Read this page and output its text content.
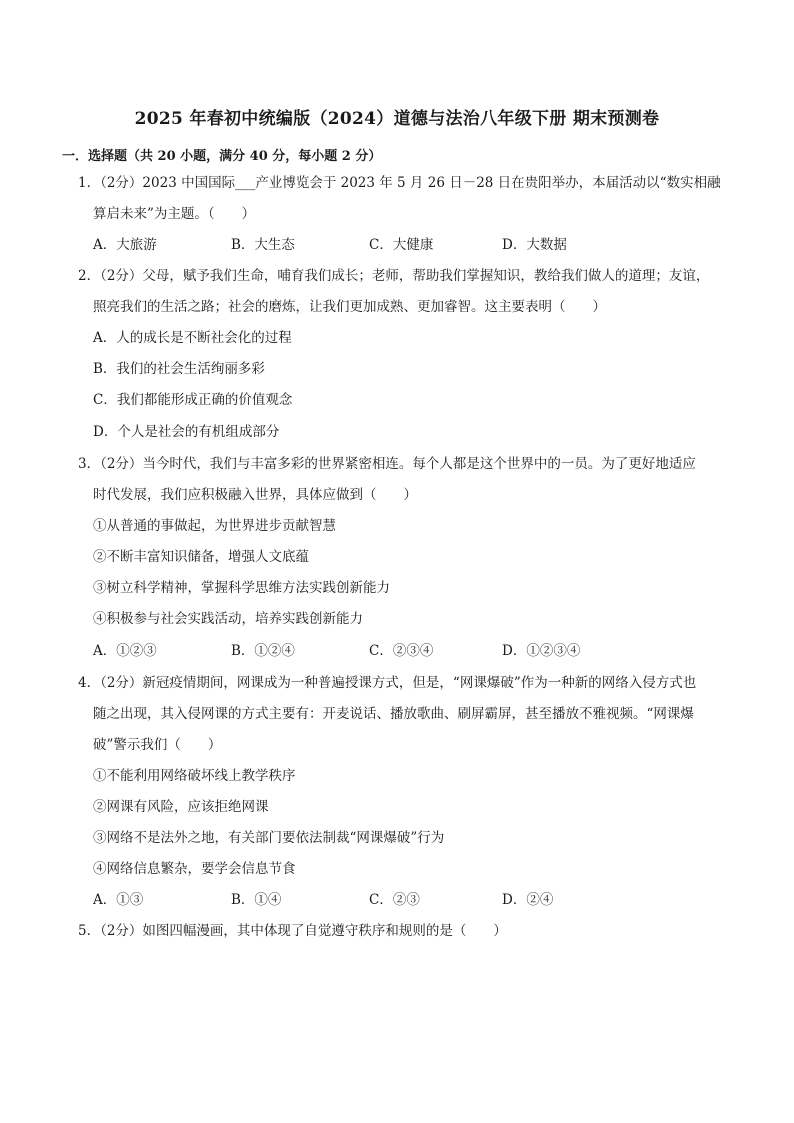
2025 年春初中统编版（2024）道德与法治八年级下册 期末预测卷
一．选择题（共 20 小题，满分 40 分，每小题 2 分）
1．（2分）2023 中国国际___产业博览会于 2023 年 5 月 26 日－28 日在贵阳举办，本届活动以“数实相融
算启未来”为主题。（　　）
A．大旅游	B．大生态	C．大健康	D．大数据
2．（2分）父母，赋予我们生命，哺育我们成长；老师，帮助我们掌握知识，教给我们做人的道理；友谊，
照亮我们的生活之路；社会的磨炼，让我们更加成熟、更加睿智。这主要表明（　　）
A．人的成长是不断社会化的过程
B．我们的社会生活绚丽多彩
C．我们都能形成正确的价值观念
D．个人是社会的有机组成部分
3．（2分）当今时代，我们与丰富多彩的世界紧密相连。每个人都是这个世界中的一员。为了更好地适应
时代发展，我们应积极融入世界，具体应做到（　　）
①从普通的事做起，为世界进步贡献智慧
②不断丰富知识储备，增强人文底蕴
③树立科学精神，掌握科学思维方法实践创新能力
④积极参与社会实践活动，培养实践创新能力
A．①②③	B．①②④	C．②③④	D．①②③④
4．（2分）新冠疫情期间，网课成为一种普遍授课方式，但是，“网课爆破”作为一种新的网络入侵方式也
随之出现，其入侵网课的方式主要有：开麦说话、播放歌曲、刷屏霸屏，甚至播放不雅视频。“网课爆
破”警示我们（　　）
①不能利用网络破坏线上教学秩序
②网课有风险，应该拒绝网课
③网络不是法外之地，有关部门要依法制裁“网课爆破”行为
④网络信息繁杂，要学会信息节食
A．①③	B．①④	C．②③	D．②④
5．（2分）如图四幅漫画，其中体现了自觉遵守秩序和规则的是（　　）
